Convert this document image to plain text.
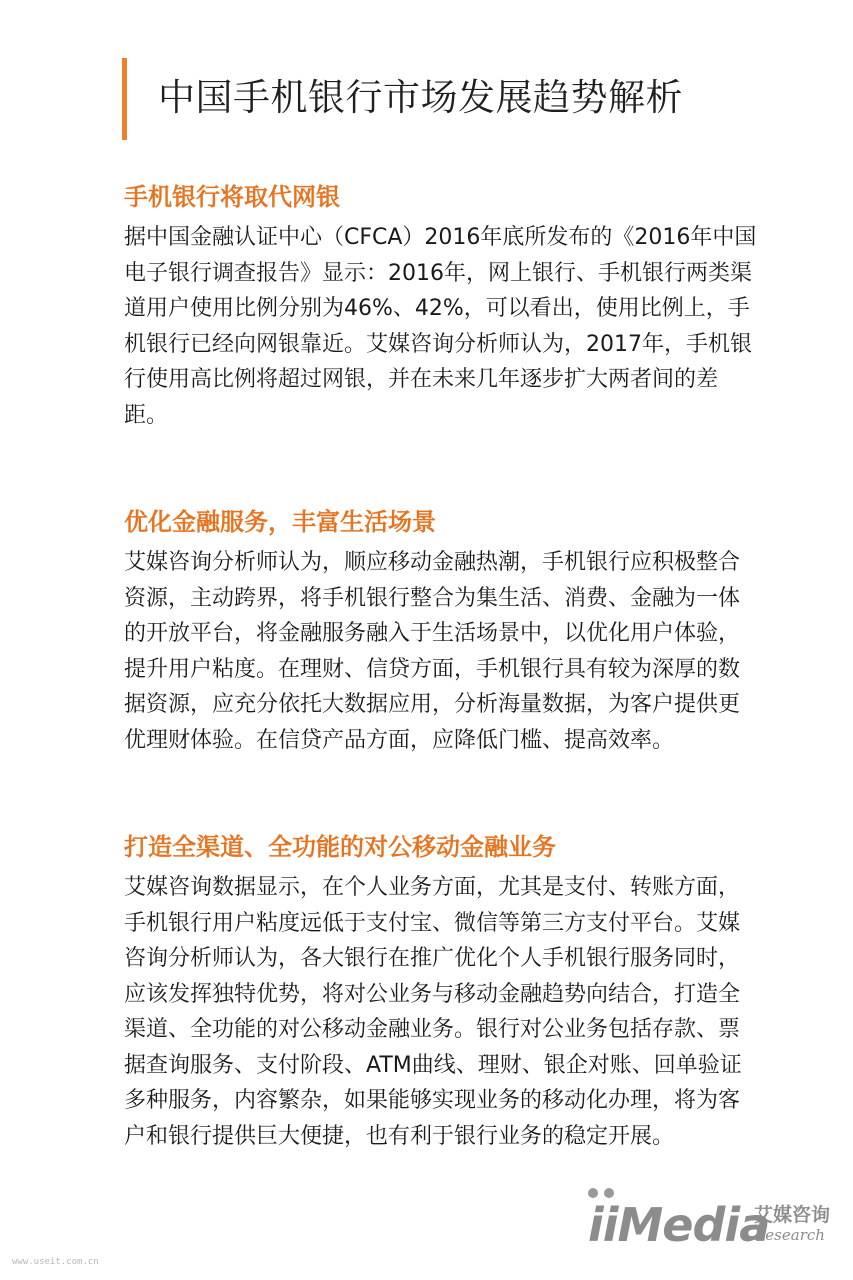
中国手机银行市场发展趋势解析
手机银行将取代网银
据中国金融认证中心（CFCA）2016年底所发布的《2016年中国
电子银行调查报告》显示：2016年，网上银行、手机银行两类渠
道用户使用比例分别为46%、42%，可以看出，使用比例上，手
机银行已经向网银靠近。艾媒咨询分析师认为，2017年，手机银
行使用高比例将超过网银，并在未来几年逐步扩大两者间的差
距。
优化金融服务，丰富生活场景
艾媒咨询分析师认为，顺应移动金融热潮，手机银行应积极整合
资源，主动跨界，将手机银行整合为集生活、消费、金融为一体
的开放平台，将金融服务融入于生活场景中，以优化用户体验，
提升用户粘度。在理财、信贷方面，手机银行具有较为深厚的数
据资源，应充分依托大数据应用，分析海量数据，为客户提供更
优理财体验。在信贷产品方面，应降低门槛、提高效率。
打造全渠道、全功能的对公移动金融业务
艾媒咨询数据显示，在个人业务方面，尤其是支付、转账方面，
手机银行用户粘度远低于支付宝、微信等第三方支付平台。艾媒
咨询分析师认为，各大银行在推广优化个人手机银行服务同时，
应该发挥独特优势，将对公业务与移动金融趋势向结合，打造全
渠道、全功能的对公移动金融业务。银行对公业务包括存款、票
据查询服务、支付阶段、ATM曲线、理财、银企对账、回单验证
多种服务，内容繁杂，如果能够实现业务的移动化办理，将为客
户和银行提供巨大便捷，也有利于银行业务的稳定开展。
iiMedia
艾媒咨询
Research
www.useit.com.cn
